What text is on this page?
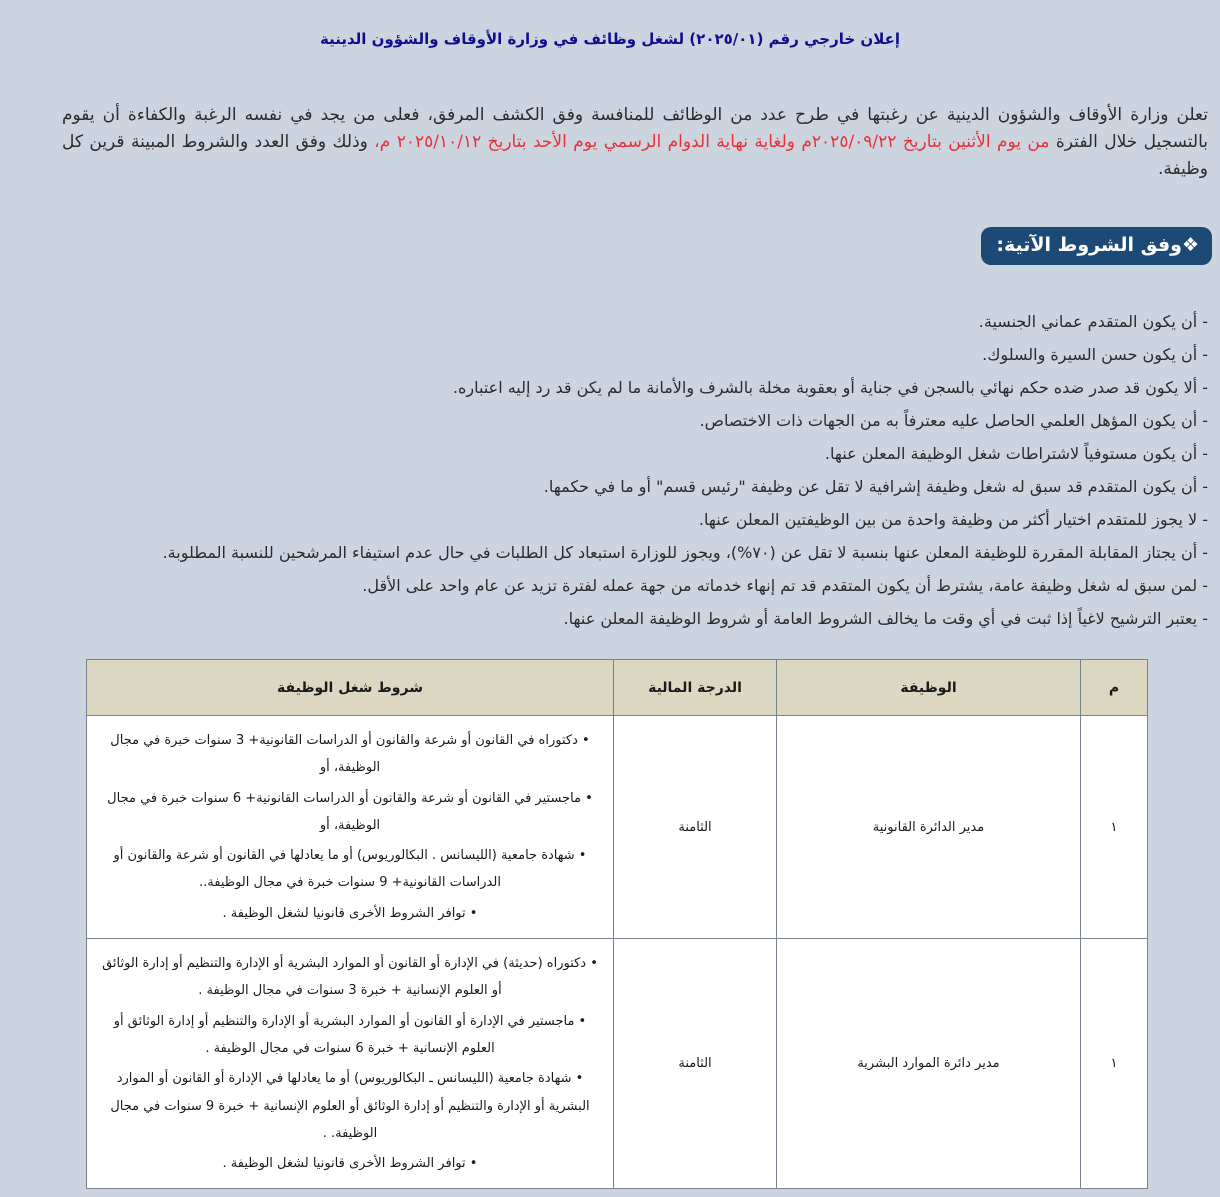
إعلان خارجي رقم (٢٠٢٥/٠١) لشغل وظائف في وزارة الأوقاف والشؤون الدينية

تعلن وزارة الأوقاف والشؤون الدينية عن رغبتها في طرح عدد من الوظائف للمنافسة وفق الكشف المرفق، فعلى من يجد في نفسه الرغبة والكفاءة أن يقوم بالتسجيل خلال الفترة من يوم الأثنين بتاريخ ٢٠٢٥/٠٩/٢٢م ولغاية نهاية الدوام الرسمي يوم الأحد بتاريخ ٢٠٢٥/١٠/١٢ م، وذلك وفق العدد والشروط المبينة قرين كل وظيفة.

❖وفق الشروط الآتية:
- أن يكون المتقدم عماني الجنسية.
- أن يكون حسن السيرة والسلوك.
- ألا يكون قد صدر ضده حكم نهائي بالسجن في جناية أو بعقوبة مخلة بالشرف والأمانة ما لم يكن قد رد إليه اعتباره.
- أن يكون المؤهل العلمي الحاصل عليه معترفاً به من الجهات ذات الاختصاص.
- أن يكون مستوفياً لاشتراطات شغل الوظيفة المعلن عنها.
- أن يكون المتقدم قد سبق له شغل وظيفة إشرافية لا تقل عن وظيفة "رئيس قسم" أو ما في حكمها.
- لا يجوز للمتقدم اختيار أكثر من وظيفة واحدة من بين الوظيفتين المعلن عنها.
- أن يجتاز المقابلة المقررة للوظيفة المعلن عنها بنسبة لا تقل عن (٧٠%)، ويجوز للوزارة استبعاد كل الطلبات في حال عدم استيفاء المرشحين للنسبة المطلوبة.
- لمن سبق له شغل وظيفة عامة، يشترط أن يكون المتقدم قد تم إنهاء خدماته من جهة عمله لفترة تزيد عن عام واحد على الأقل.
- يعتبر الترشيح لاغياً إذا ثبت في أي وقت ما يخالف الشروط العامة أو شروط الوظيفة المعلن عنها.
م	الوظيفة	الدرجة المالية	شروط شغل الوظيفة
١	مدير الدائرة القانونية	الثامنة	• دكتوراه في القانون أو شرعة والقانون أو الدراسات القانونية+ 3 سنوات خبرة في مجال الوظيفة، أو
• ماجستير في القانون أو شرعة والقانون أو الدراسات القانونية+ 6 سنوات خبرة في مجال الوظيفة، أو
• شهادة جامعية (الليسانس . البكالوريوس) أو ما يعادلها في القانون أو شرعة والقانون أو الدراسات القانونية+ 9 سنوات خبرة في مجال الوظيفة..
• توافر الشروط الأخرى قانونيا لشغل الوظيفة .

١	مدير دائرة الموارد البشرية	الثامنة	• دكتوراه (حديثة) في الإدارة أو القانون أو الموارد البشرية أو الإدارة والتنظيم أو إدارة الوثائق أو العلوم الإنسانية + خبرة 3 سنوات في مجال الوظيفة .
• ماجستير في الإدارة أو القانون أو الموارد البشرية أو الإدارة والتنظيم أو إدارة الوثائق أو العلوم الإنسانية + خبرة 6 سنوات في مجال الوظيفة .
• شهادة جامعية (الليسانس ـ البكالوريوس) أو ما يعادلها في الإدارة أو القانون أو الموارد البشرية أو الإدارة والتنظيم أو إدارة الوثائق أو العلوم الإنسانية + خبرة 9 سنوات في مجال الوظيفة. .
• توافر الشروط الأخرى قانونيا لشغل الوظيفة .
